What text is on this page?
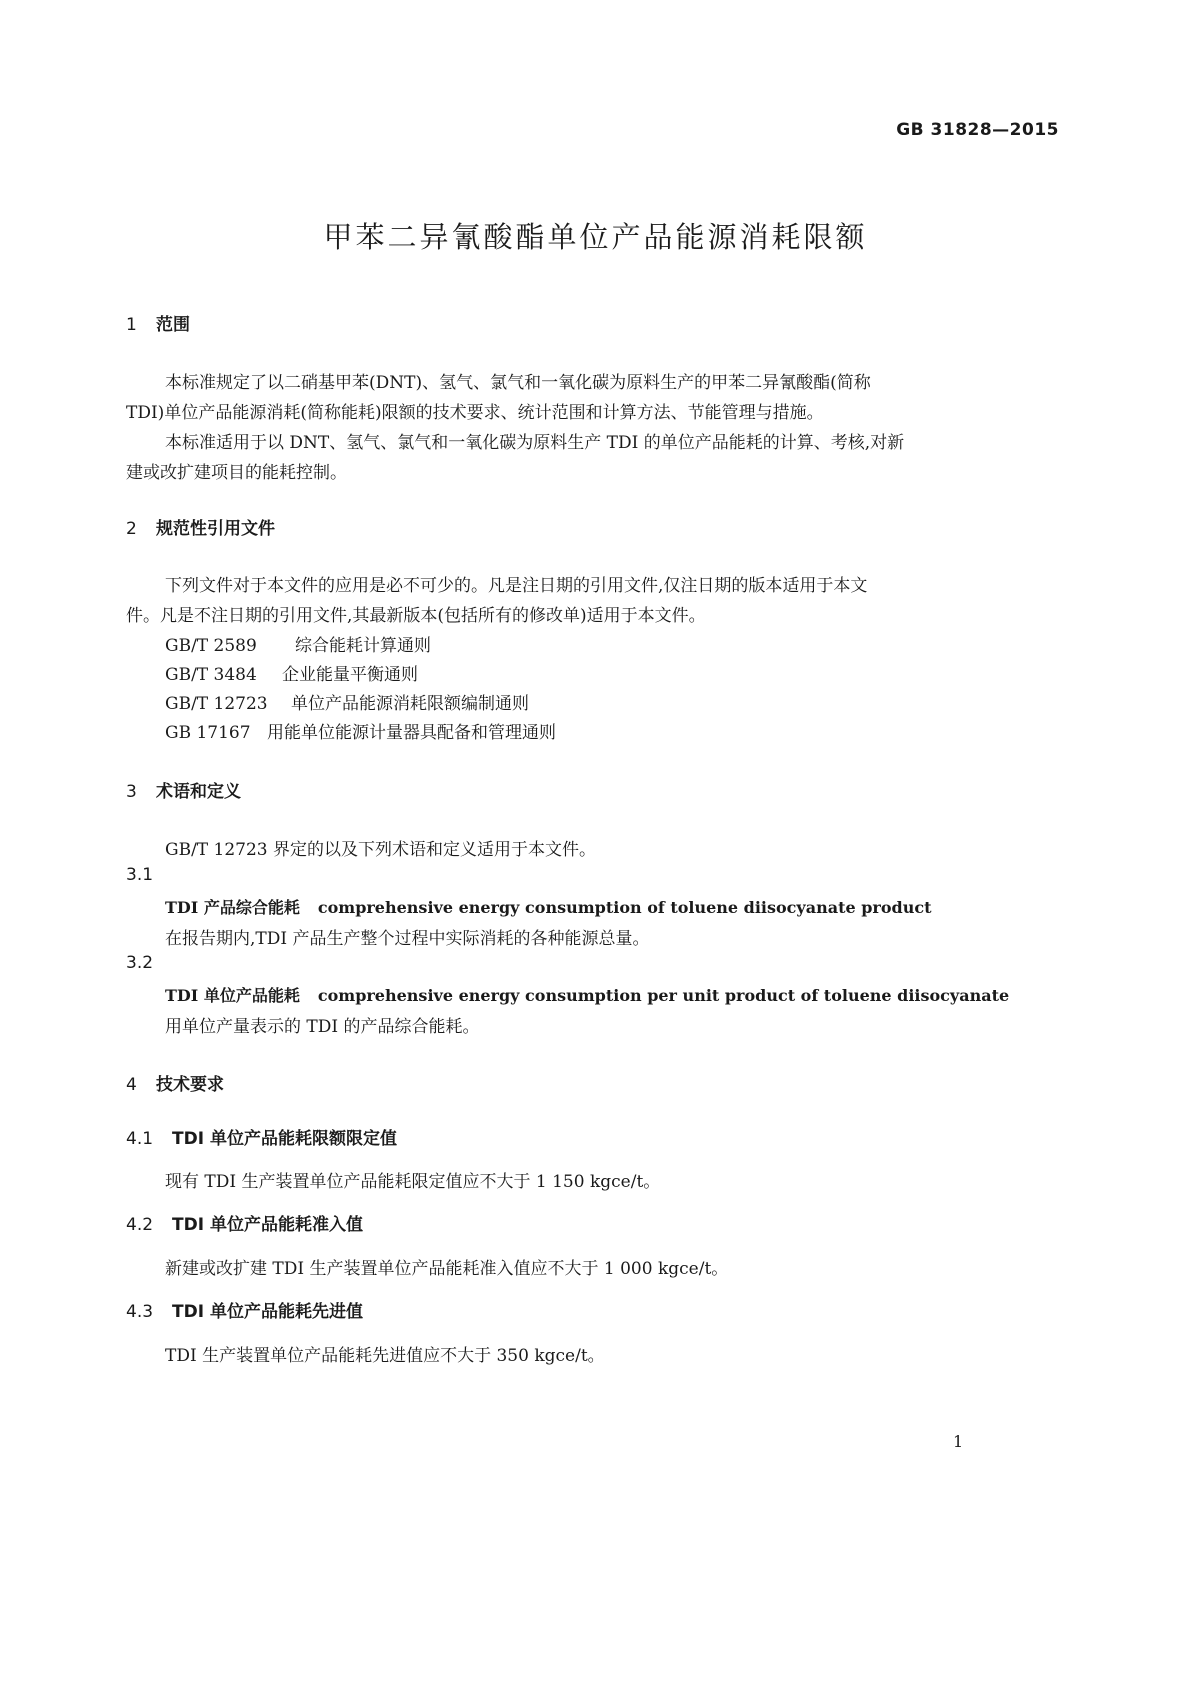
GB 31828—2015
甲苯二异氰酸酯单位产品能源消耗限额
1 范围
本标准规定了以二硝基甲苯(DNT)、氢气、氯气和一氧化碳为原料生产的甲苯二异氰酸酯(简称
TDI)单位产品能源消耗(简称能耗)限额的技术要求、统计范围和计算方法、节能管理与措施。
本标准适用于以 DNT、氢气、氯气和一氧化碳为原料生产 TDI 的单位产品能耗的计算、考核,对新
建或改扩建项目的能耗控制。
2 规范性引用文件
下列文件对于本文件的应用是必不可少的。凡是注日期的引用文件,仅注日期的版本适用于本文
件。凡是不注日期的引用文件,其最新版本(包括所有的修改单)适用于本文件。
GB/T 2589 综合能耗计算通则
GB/T 3484 企业能量平衡通则
GB/T 12723 单位产品能源消耗限额编制通则
GB 17167 用能单位能源计量器具配备和管理通则
3 术语和定义
GB/T 12723 界定的以及下列术语和定义适用于本文件。
3.1
TDI 产品综合能耗 comprehensive energy consumption of toluene diisocyanate product
在报告期内,TDI 产品生产整个过程中实际消耗的各种能源总量。
3.2
TDI 单位产品能耗 comprehensive energy consumption per unit product of toluene diisocyanate
用单位产量表示的 TDI 的产品综合能耗。
4 技术要求
4.1 TDI 单位产品能耗限额限定值
现有 TDI 生产装置单位产品能耗限定值应不大于 1 150 kgce/t。
4.2 TDI 单位产品能耗准入值
新建或改扩建 TDI 生产装置单位产品能耗准入值应不大于 1 000 kgce/t。
4.3 TDI 单位产品能耗先进值
TDI 生产装置单位产品能耗先进值应不大于 350 kgce/t。
1
